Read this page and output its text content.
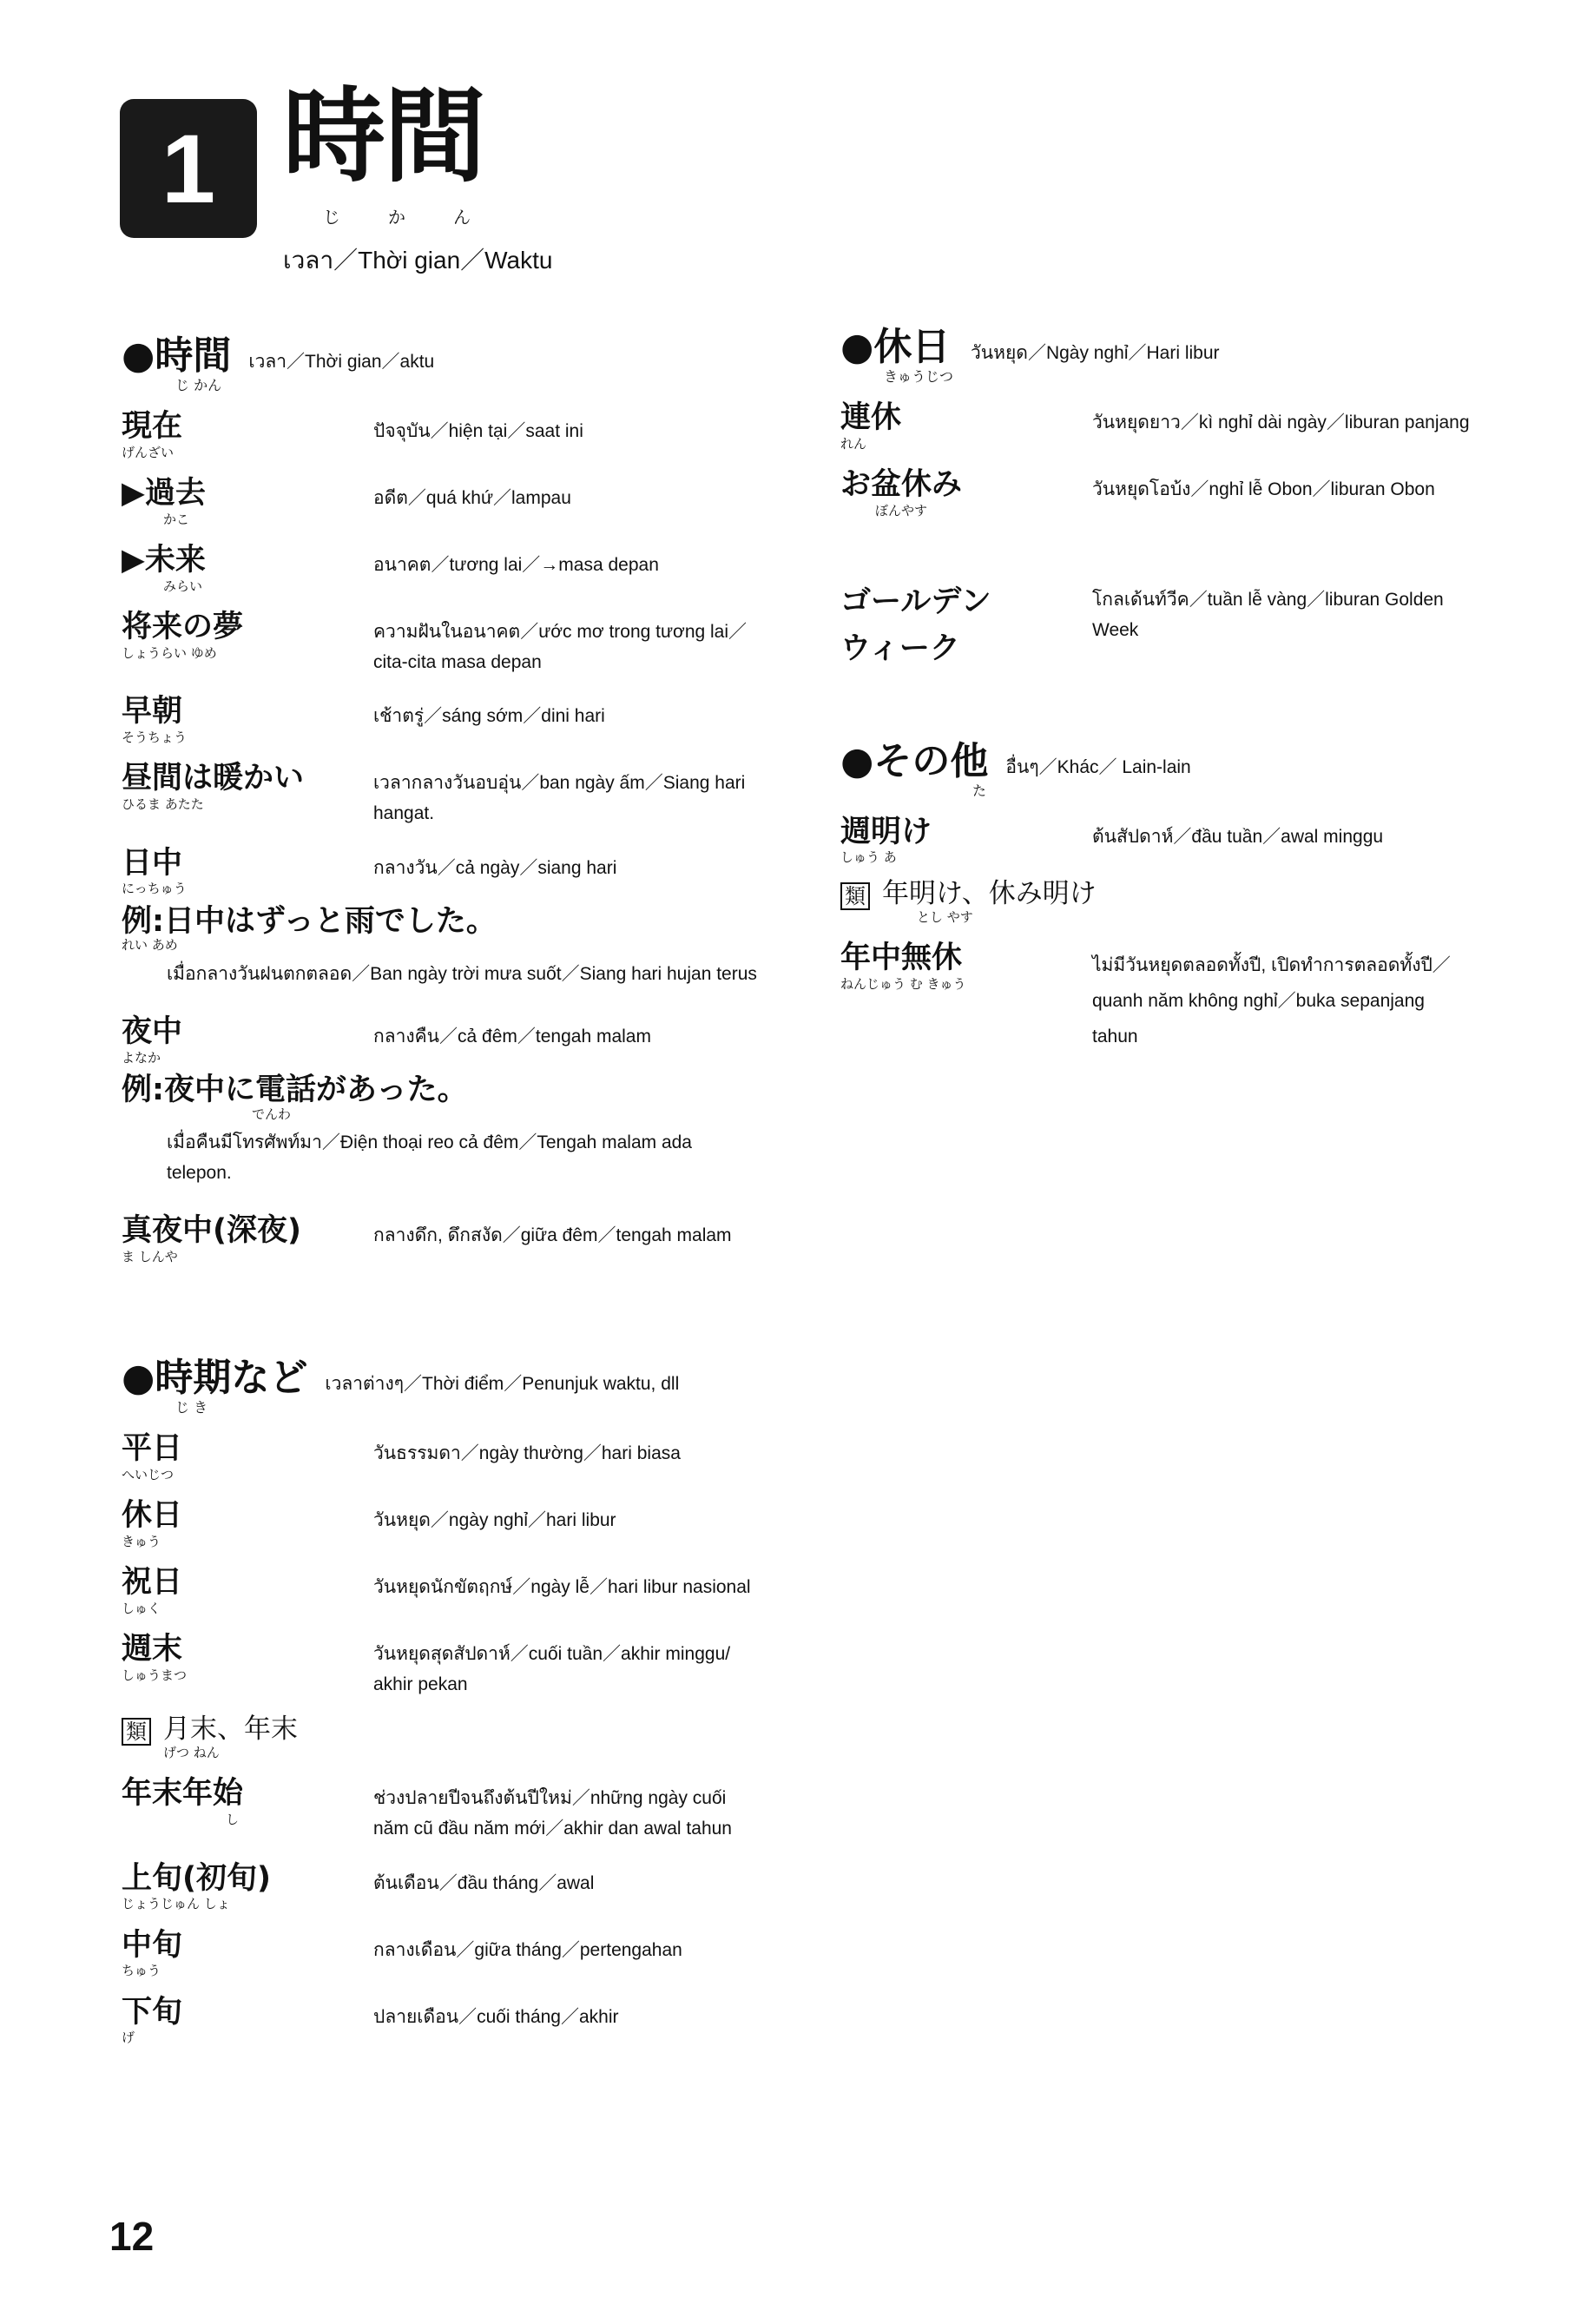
1 時間
じ	か	ん
เวลา／Thời gian／Waktu
●時間
じ かん
เวลา／Thời gian／aktu
現在
げんざい
ปัจจุบัน／hiện tại／saat ini
▶過去
かこ
อดีต／quá khứ／lampau
▶未来
みらい
อนาคต／tương lai／→masa depan
将来の夢
しょうらい ゆめ
ความฝันในอนาคต／ước mơ trong tương lai／cita-cita masa depan
早朝
そうちょう
เช้าตรู่／sáng sớm／dini hari
昼間は暖かい
ひるま あたた
เวลากลางวันอบอุ่น／ban ngày ấm／Siang hari hangat.
日中
にっちゅう
กลางวัน／cả ngày／siang hari
例:日中はずっと雨でした。
れい あめ
เมื่อกลางวันฝนตกตลอด／Ban ngày trời mưa suốt／Siang hari hujan terus
夜中
よなか
กลางคืน／cả đêm／tengah malam
例:夜中に電話があった。
でんわ
เมื่อคืนมีโทรศัพท์มา／Điện thoại reo cả đêm／Tengah malam ada telepon.
真夜中(深夜)
ま しんや
กลางดึก, ดึกสงัด／giữa đêm／tengah malam
●時期など
じ き
เวลาต่างๆ／Thời điểm／Penunjuk waktu, dll
平日
へいじつ
วันธรรมดา／ngày thường／hari biasa
休日
きゅう
วันหยุด／ngày nghỉ／hari libur
祝日
しゅく
วันหยุดนักขัตฤกษ์／ngày lễ／hari libur nasional
週末
しゅうまつ
วันหยุดสุดสัปดาห์／cuối tuần／akhir minggu/ akhir pekan
類 月末、年末
げつ ねん
年末年始
し
ช่วงปลายปีจนถึงต้นปีใหม่／những ngày cuối năm cũ đầu năm mới／akhir dan awal tahun
上旬(初旬)
じょうじゅん しょ
ต้นเดือน／đầu tháng／awal
中旬
ちゅう
กลางเดือน／giữa tháng／pertengahan
下旬
げ
ปลายเดือน／cuối tháng／akhir
●休日
きゅうじつ
วันหยุด／Ngày nghỉ／Hari libur
連休
れん
วันหยุดยาว／kì nghỉ dài ngày／liburan panjang
お盆休み
ぼんやす
วันหยุดโอบ้ง／nghỉ lễ Obon／liburan Obon
ゴールデンウィーク
โกลเด้นท์วีค／tuần lễ vàng／liburan Golden Week
●その他
た
อื่นๆ／Khác／ Lain-lain
週明け
しゅう あ
ต้นสัปดาห์／đầu tuần／awal minggu
類 年明け、休み明け
とし やす
年中無休
ねんじゅう む きゅう
ไม่มีวันหยุดตลอดทั้งปี, เปิดทำการตลอดทั้งปี／quanh năm không nghỉ／buka sepanjang tahun
12
